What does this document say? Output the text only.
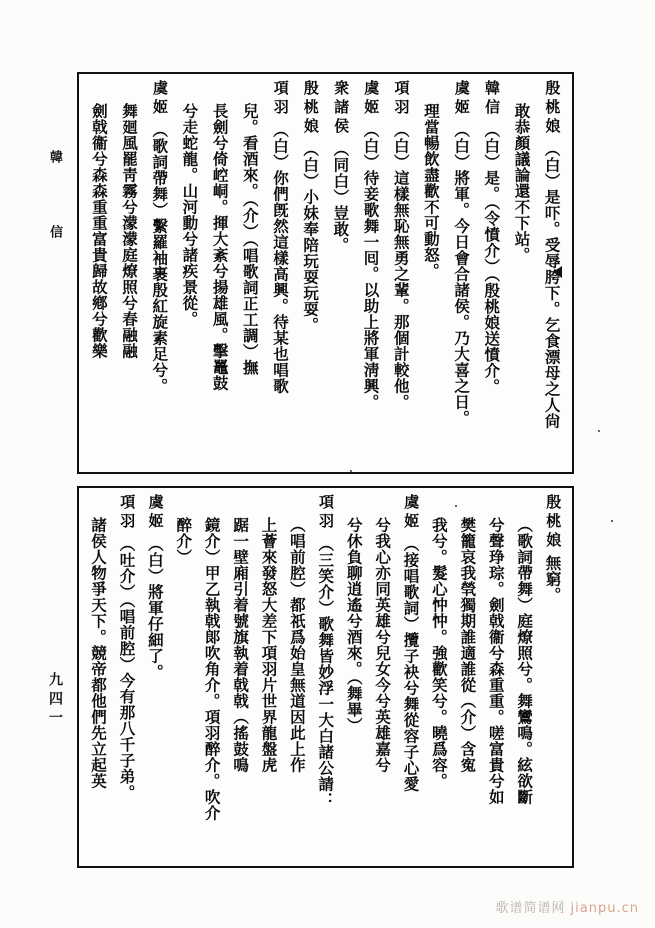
韓信
九四一
殷桃娘
（白）是吓。受辱胯下。乞食漂母之人尙
敢恭顏議論還不下站。
韓信
（白）是。（令憤介）（殷桃娘送憤介。
虞姬
（白）將軍。今日會合諸侯。乃大喜之日。
理當暢飲盡歡不可動怒。
項羽
（白）這樣無恥無勇之輩。那個計較他。
虞姬
（白）待妾歌舞一囘。以助上將軍淸興。
衆諸侯
（同白）豈敢。
殷桃娘
（白）小妹奉陪玩耍玩耍。
項羽
（白）你們旣然這樣高興。待某也唱歌
兒。看酒來。（介）（唱歌詞正工調）撫
長劍兮倚崆峒。揮大紊兮揚雄風。擊鼉鼓
兮走蛇龍。山河動兮諸疾景從。
虞姬
（歌詞帶舞）繫羅袖裹殷紅旋素足兮。
舞廻風罷靑霧兮濛濛庭燎照兮春融融
劍戟衞兮森森重重富貴歸故鄕兮歡樂
殷桃娘
無窮。
（歌詞帶舞）庭燎照兮。舞鸞鳴。絃欲斷
兮聲琤琮。劍戟衞兮森重重。嗟富貴兮如
樊籠哀我煢獨期誰適誰從（介）含寃
我兮。髮心忡忡。強歡笑兮。曉爲容。
虞姬
（接唱歌詞）攬子袂兮舞從容子心愛
兮我心亦同英雄兮兒女今兮英雄嘉兮
兮休負聊逍遙兮酒來。（舞畢）
項羽
（三笑介）歌舞皆妙浮一大白諸公請：
（唱前腔）都祇爲始皇無道因此上作
上薈來發怒大差下項羽片世界龍盤虎
踞一壁廂引着號旗執着戟戟（搖鼓鳴
鏡介）甲乙執戟郞吹角介。項羽醉介。吹介
醉介）
虞姬
（白）將軍仔細了。
項羽
（吐介）（唱前腔）今有那八千子弟。
諸侯人物爭天下。競帝都他們先立起英
歌谱简谱网 jianpu.cn
